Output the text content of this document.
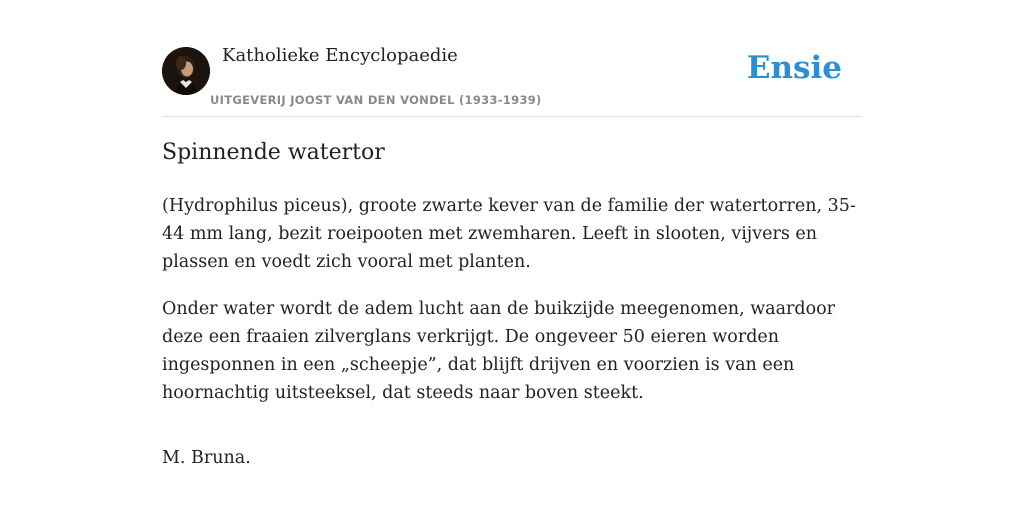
Katholieke Encyclopaedie
UITGEVERIJ JOOST VAN DEN VONDEL (1933-1939)
Ensie
Spinnende watertor

(Hydrophilus piceus), groote zwarte kever van de familie der watertorren, 35-44 mm lang, bezit roeipooten met zwemharen. Leeft in slooten, vijvers en plassen en voedt zich vooral met planten.

Onder water wordt de adem lucht aan de buikzijde meegenomen, waardoor deze een fraaien zilverglans verkrijgt. De ongeveer 50 eieren worden ingesponnen in een „scheepje”, dat blijft drijven en voorzien is van een hoornachtig uitsteeksel, dat steeds naar boven steekt.

M. Bruna.
